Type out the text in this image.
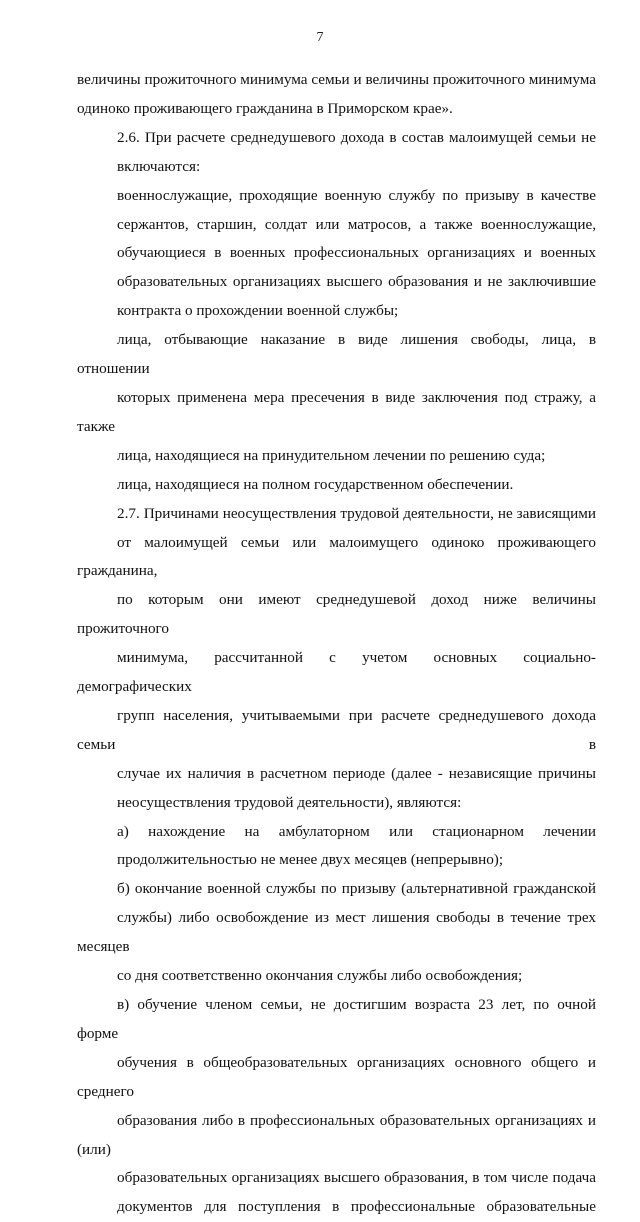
7

величины прожиточного минимума семьи и величины прожиточного минимума
одиноко проживающего гражданина в Приморском крае».

2.6. При расчете среднедушевого дохода в состав малоимущей семьи не
включаются:

военнослужащие, проходящие военную службу по призыву в качестве
сержантов, старшин, солдат или матросов, а также военнослужащие,
обучающиеся в военных профессиональных организациях и военных
образовательных организациях высшего образования и не заключившие
контракта о прохождении военной службы;

лица, отбывающие наказание в виде лишения свободы, лица, в отношении
которых применена мера пресечения в виде заключения под стражу, а также
лица, находящиеся на принудительном лечении по решению суда;

лица, находящиеся на полном государственном обеспечении.

2.7. Причинами неосуществления трудовой деятельности, не зависящими
от малоимущей семьи или малоимущего одиноко проживающего гражданина,
по которым они имеют среднедушевой доход ниже величины прожиточного
минимума, рассчитанной с учетом основных социально-демографических
групп населения, учитываемыми при расчете среднедушевого дохода семьи в
случае их наличия в расчетном периоде (далее - независящие причины
неосуществления трудовой деятельности), являются:

а) нахождение на амбулаторном или стационарном лечении
продолжительностью не менее двух месяцев (непрерывно);

б) окончание военной службы по призыву (альтернативной гражданской
службы) либо освобождение из мест лишения свободы в течение трех месяцев
со дня соответственно окончания службы либо освобождения;

в) обучение членом семьи, не достигшим возраста 23 лет, по очной форме
обучения в общеобразовательных организациях основного общего и среднего
образования либо в профессиональных образовательных организациях и (или)
образовательных организациях высшего образования, в том числе подача
документов для поступления в профессиональные образовательные
